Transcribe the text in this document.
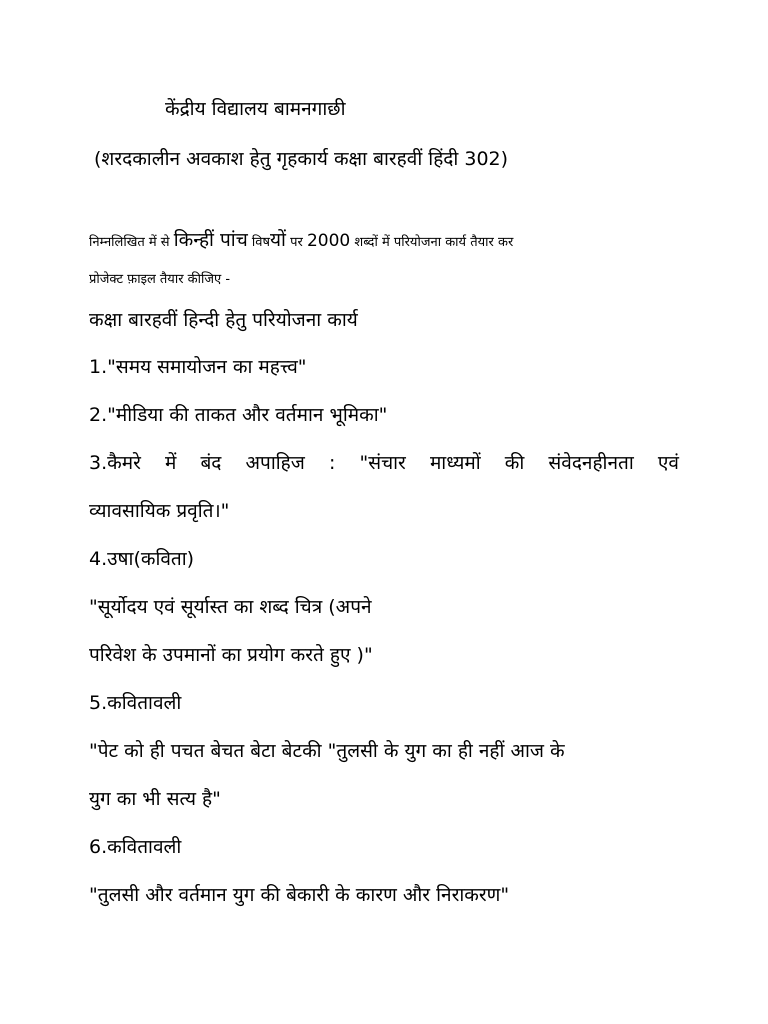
केंद्रीय विद्यालय बामनगाछी
(शरदकालीन अवकाश हेतु गृहकार्य कक्षा बारहवीं हिंदी 302)
निम्नलिखित में से किन्हीं पांच विषयों पर 2000 शब्दों में परियोजना कार्य तैयार कर
प्रोजेक्ट फ़ाइल तैयार कीजिए -
कक्षा बारहवीं हिन्दी हेतु परियोजना कार्य
1."समय समायोजन का महत्त्व"
2."मीडिया की ताकत और वर्तमान भूमिका"
3.कैमरे में बंद अपाहिज : "संचार माध्यमों की संवेदनहीनता एवं
व्यावसायिक प्रवृति।"
4.उषा(कविता)
"सूर्योदय एवं सूर्यास्त का शब्द चित्र (अपने
परिवेश के उपमानों का प्रयोग करते हुए )"
5.कवितावली
"पेट को ही पचत बेचत बेटा बेटकी "तुलसी के युग का ही नहीं आज के
युग का भी सत्य है"
6.कवितावली
"तुलसी और वर्तमान युग की बेकारी के कारण और निराकरण"
